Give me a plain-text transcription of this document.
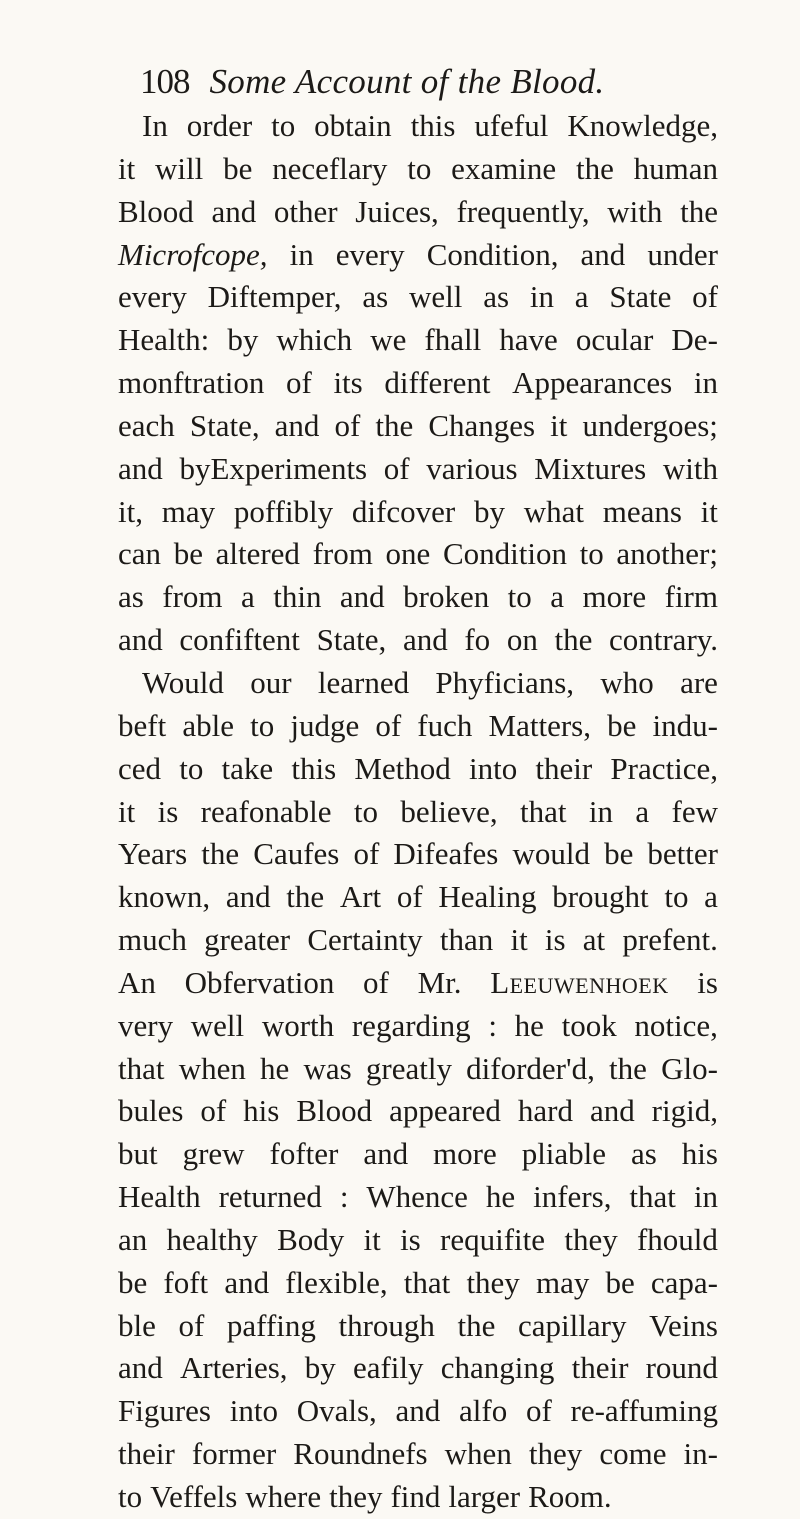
108 Some Account of the Blood.
In order to obtain this ufeful Knowledge,
it will be neceflary to examine the human
Blood and other Juices, frequently, with the
Microfcope, in every Condition, and under
every Diftemper, as well as in a State of
Health: by which we fhall have ocular De-
monftration of its different Appearances in
each State, and of the Changes it undergoes;
and byExperiments of various Mixtures with
it, may poffibly difcover by what means it
can be altered from one Condition to another;
as from a thin and broken to a more firm
and confiftent State, and fo on the contrary.
Would our learned Phyficians, who are
beft able to judge of fuch Matters, be indu-
ced to take this Method into their Practice,
it is reafonable to believe, that in a few
Years the Caufes of Difeafes would be better
known, and the Art of Healing brought to a
much greater Certainty than it is at prefent.
An Obfervation of Mr. Leeuwenhoek is
very well worth regarding : he took notice,
that when he was greatly diforder'd, the Glo-
bules of his Blood appeared hard and rigid,
but grew fofter and more pliable as his
Health returned : Whence he infers, that in
an healthy Body it is requifite they fhould
be foft and flexible, that they may be capa-
ble of paffing through the capillary Veins
and Arteries, by eafily changing their round
Figures into Ovals, and alfo of re-affuming
their former Roundnefs when they come in-
to Veffels where they find larger Room.
